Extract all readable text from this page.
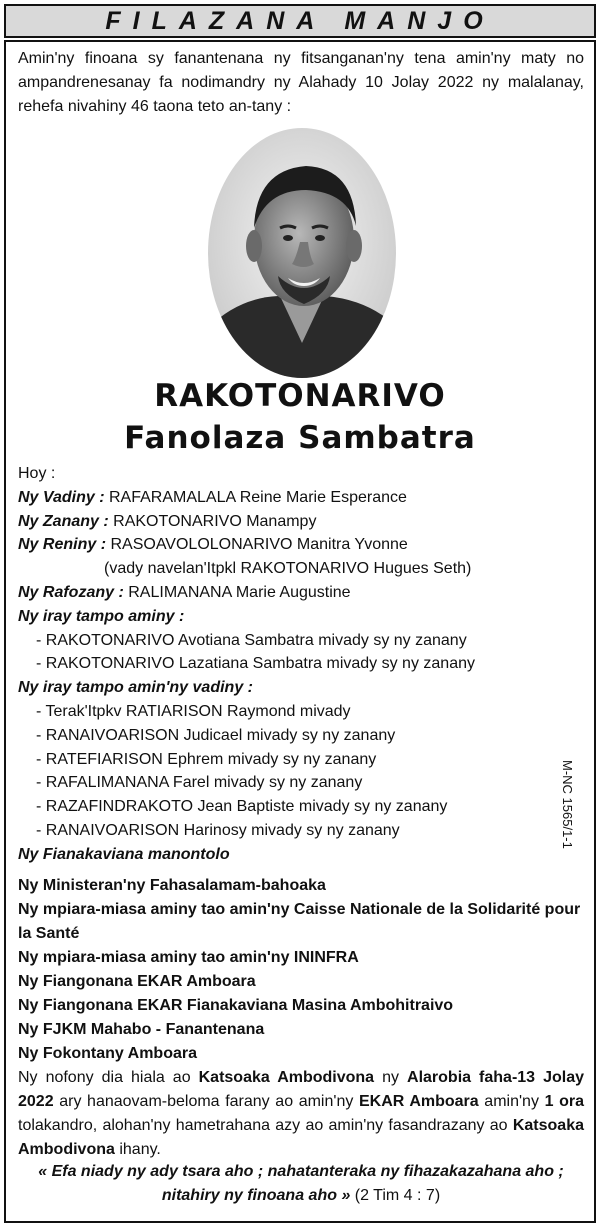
FILAZANA MANJO
Amin'ny finoana sy fanantenana ny fitsanganan'ny tena amin'ny maty no ampandrenesanay fa nodimandry ny Alahady 10 Jolay 2022 ny malalanay, rehefa nivahiny 46 taona teto an-tany :
RAKOTONARIVO
Fanolaza Sambatra
Hoy :
Ny Vadiny : RAFARAMALALA Reine Marie Esperance
Ny Zanany : RAKOTONARIVO Manampy
Ny Reniny : RASOAVOLOLONARIVO Manitra Yvonne
(vady navelan'Itpkl RAKOTONARIVO Hugues Seth)
Ny Rafozany : RALIMANANA Marie Augustine
Ny iray tampo aminy :
- RAKOTONARIVO Avotiana Sambatra mivady sy ny zanany
- RAKOTONARIVO Lazatiana Sambatra mivady sy ny zanany
Ny iray tampo amin'ny vadiny :
- Terak'Itpkv RATIARISON Raymond mivady
- RANAIVOARISON Judicael mivady sy ny zanany
- RATEFIARISON Ephrem mivady sy ny zanany
- RAFALIMANANA Farel mivady sy ny zanany
- RAZAFINDRAKOTO Jean Baptiste mivady sy ny zanany
- RANAIVOARISON Harinosy mivady sy ny zanany
Ny Fianakaviana manontolo
M-NC 1565/1-1
Ny Ministeran'ny Fahasalamam-bahoaka
Ny mpiara-miasa aminy tao amin'ny Caisse Nationale de la Solidarité pour la Santé
Ny mpiara-miasa aminy tao amin'ny ININFRA
Ny Fiangonana EKAR Amboara
Ny Fiangonana EKAR Fianakaviana Masina Ambohitraivo
Ny FJKM Mahabo - Fanantenana
Ny Fokontany Amboara
Ny nofony dia hiala ao Katsoaka Ambodivona ny Alarobia faha-13 Jolay 2022 ary hanaovam-beloma farany ao amin'ny EKAR Amboara amin'ny 1 ora tolakandro, alohan'ny hametrahana azy ao amin'ny fasandrazany ao Katsoaka Ambodivona ihany.
« Efa niady ny ady tsara aho ; nahatanteraka ny fihazakazahana aho ; nitahiry ny finoana aho » (2 Tim 4 : 7)
